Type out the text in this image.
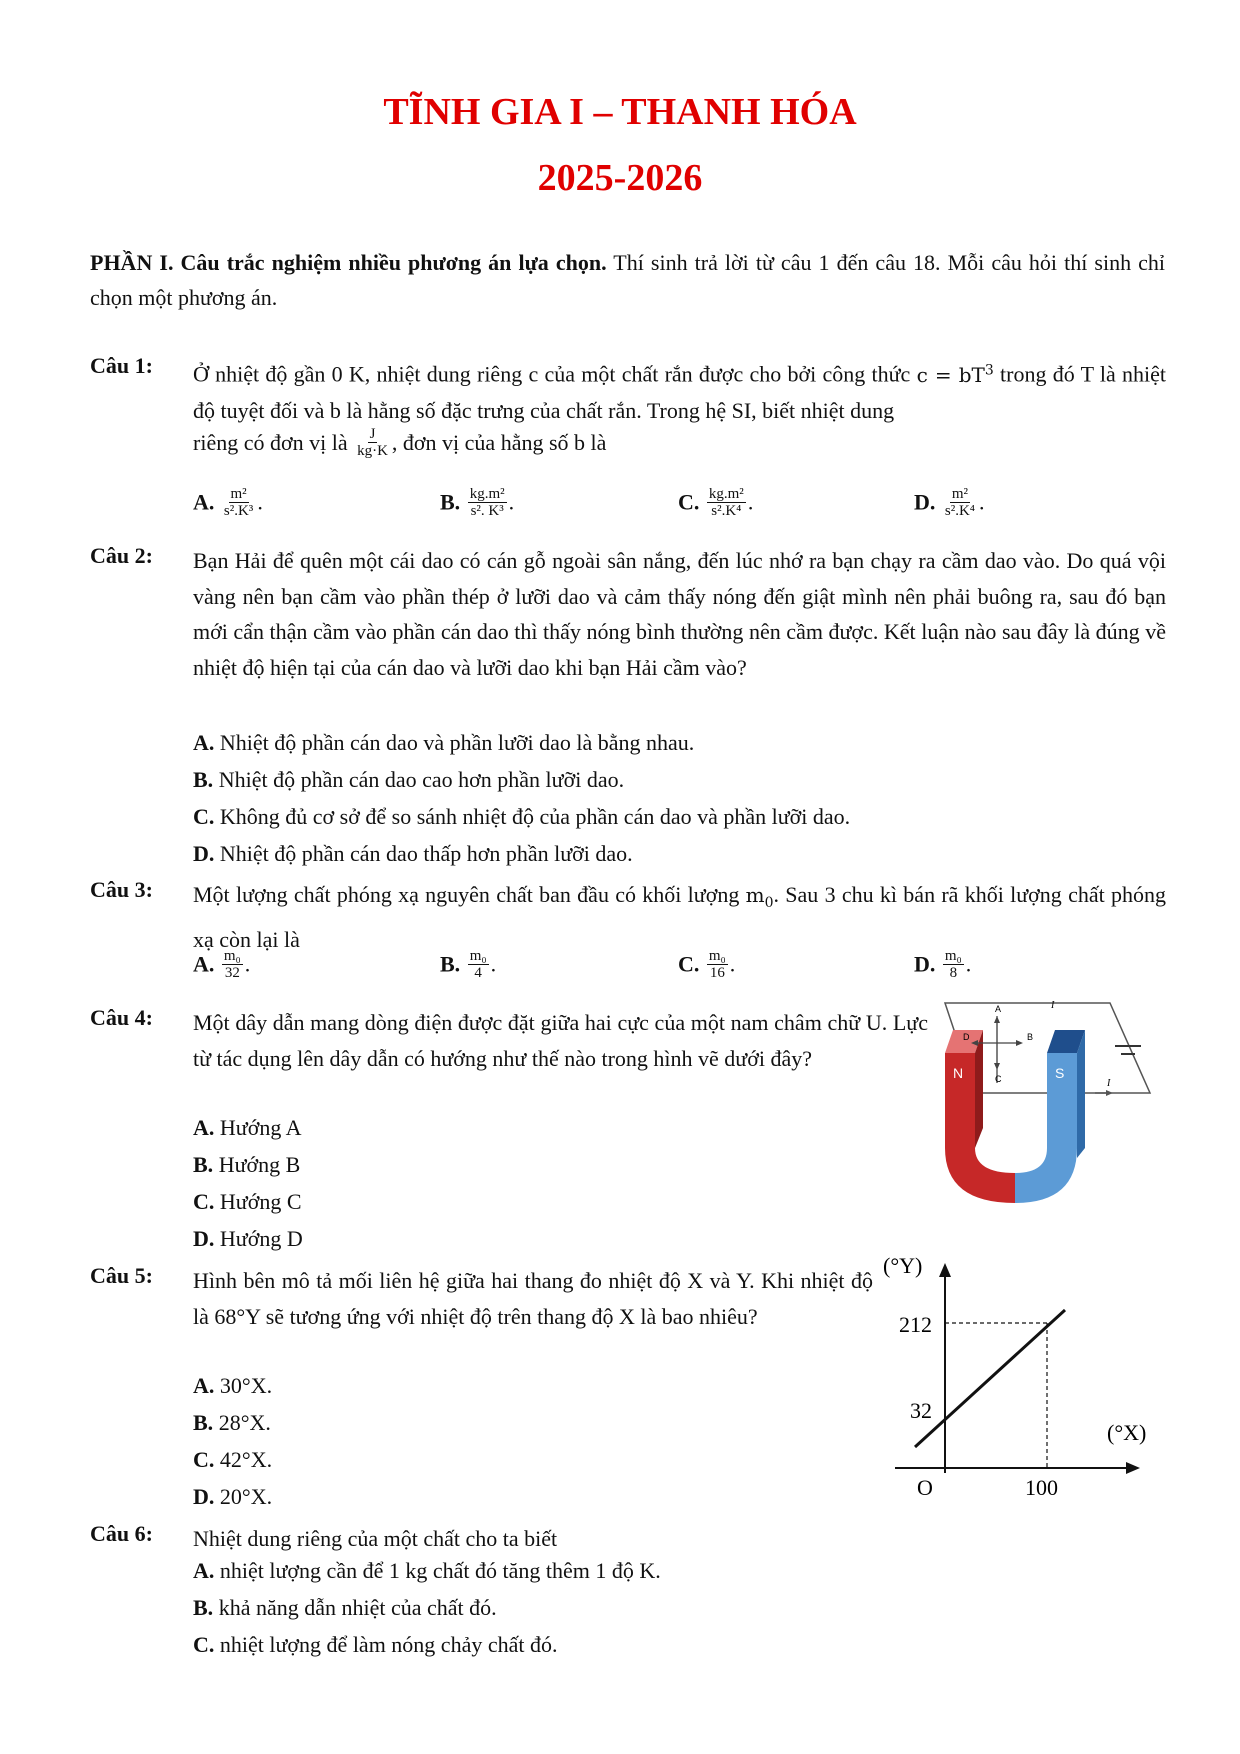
TĨNH GIA I – THANH HÓA
2025-2026
PHẦN I. Câu trắc nghiệm nhiều phương án lựa chọn. Thí sinh trả lời từ câu 1 đến câu 18. Mỗi câu hỏi thí sinh chỉ chọn một phương án.
Câu 1: Ở nhiệt độ gần 0 K, nhiệt dung riêng c của một chất rắn được cho bởi công thức $c = bT^3$ trong đó T là nhiệt độ tuyệt đối và b là hằng số đặc trưng của chất rắn. Trong hệ SI, biết nhiệt dung
riêng có đơn vị là $\frac{J}{kg\cdot K}$ , đơn vị của hằng số b là
A. $\frac{\text{m²}}{\text{s².K³}}$ .	B. $\frac{\text{kg.m²}}{\text{s². K³}}$ .	C. $\frac{\text{kg.m²}}{\text{s².K⁴}}$ .	D. $\frac{\text{m²}}{\text{s².K⁴}}$ .
Câu 2: Bạn Hải để quên một cái dao có cán gỗ ngoài sân nắng, đến lúc nhớ ra bạn chạy ra cầm dao vào. Do quá vội vàng nên bạn cầm vào phần thép ở lưỡi dao và cảm thấy nóng đến giật mình nên phải buông ra, sau đó bạn mới cẩn thận cầm vào phần cán dao thì thấy nóng bình thường nên cầm được. Kết luận nào sau đây là đúng về nhiệt độ hiện tại của cán dao và lưỡi dao khi bạn Hải cầm vào?
A. Nhiệt độ phần cán dao và phần lưỡi dao là bằng nhau.
B. Nhiệt độ phần cán dao cao hơn phần lưỡi dao.
C. Không đủ cơ sở để so sánh nhiệt độ của phần cán dao và phần lưỡi dao.
D. Nhiệt độ phần cán dao thấp hơn phần lưỡi dao.
Câu 3: Một lượng chất phóng xạ nguyên chất ban đầu có khối lượng $m_0$. Sau 3 chu kì bán rã khối lượng chất phóng xạ còn lại là
A. $\frac{\text{m₀}}{32}$ .	B. $\frac{\text{m₀}}{4}$ .	C. $\frac{\text{m₀}}{16}$ .	D. $\frac{\text{m₀}}{8}$ .
Câu 4: Một dây dẫn mang dòng điện được đặt giữa hai cực của một nam châm chữ U. Lực từ tác dụng lên dây dẫn có hướng như thế nào trong hình vẽ dưới đây?
A. Hướng A
B. Hướng B
C. Hướng C
D. Hướng D
N	S
A
B
C
D
I
I
Câu 5: Hình bên mô tả mối liên hệ giữa hai thang đo nhiệt độ X và Y. Khi nhiệt độ là 68°Y sẽ tương ứng với nhiệt độ trên thang độ X là bao nhiêu?
A. 30°X.
B. 28°X.
C. 42°X.
D. 20°X.
(°Y)
(°X)
212
32
100
O
Câu 6: Nhiệt dung riêng của một chất cho ta biết
A. nhiệt lượng cần để 1 kg chất đó tăng thêm 1 độ K.
B. khả năng dẫn nhiệt của chất đó.
C. nhiệt lượng để làm nóng chảy chất đó.
